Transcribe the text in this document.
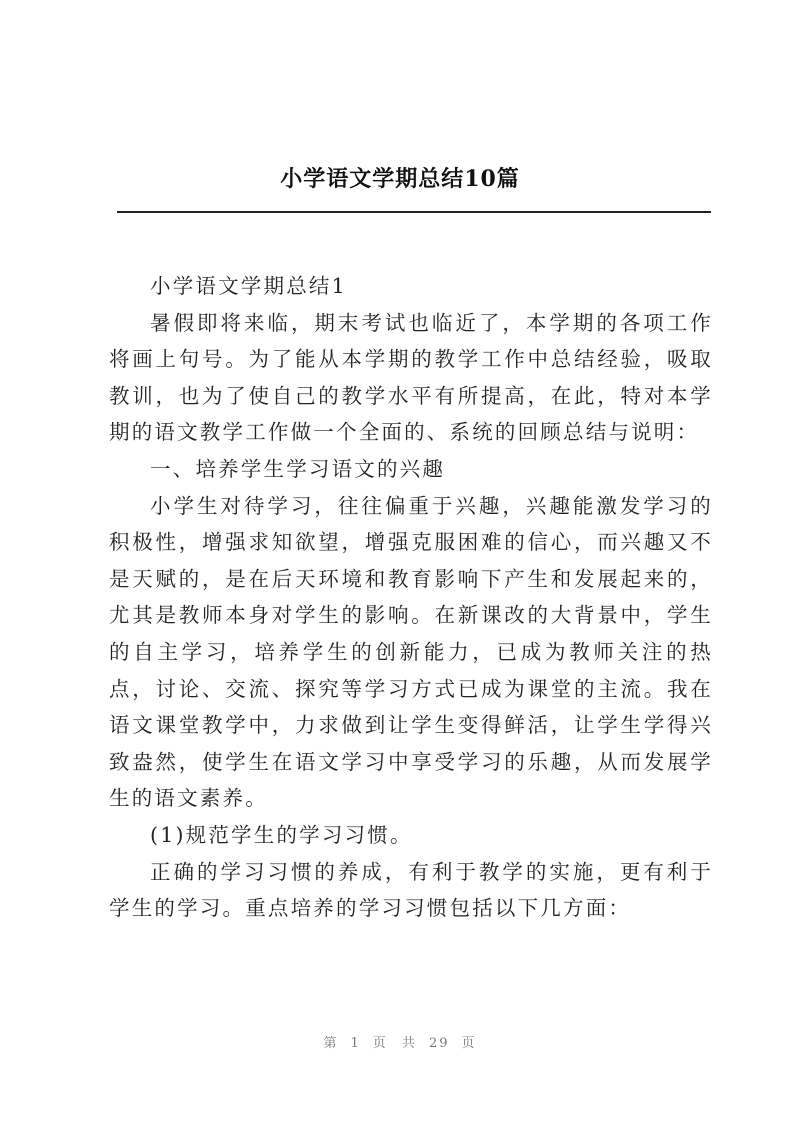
小学语文学期总结10篇

小学语文学期总结1

暑假即将来临，期末考试也临近了，本学期的各项工作将画上句号。为了能从本学期的教学工作中总结经验，吸取教训，也为了使自己的教学水平有所提高，在此，特对本学期的语文教学工作做一个全面的、系统的回顾总结与说明：

一、培养学生学习语文的兴趣

小学生对待学习，往往偏重于兴趣，兴趣能激发学习的积极性，增强求知欲望，增强克服困难的信心，而兴趣又不是天赋的，是在后天环境和教育影响下产生和发展起来的，尤其是教师本身对学生的影响。在新课改的大背景中，学生的自主学习，培养学生的创新能力，已成为教师关注的热点，讨论、交流、探究等学习方式已成为课堂的主流。我在语文课堂教学中，力求做到让学生变得鲜活，让学生学得兴致盎然，使学生在语文学习中享受学习的乐趣，从而发展学生的语文素养。

(1)规范学生的学习习惯。

正确的学习习惯的养成，有利于教学的实施，更有利于学生的学习。重点培养的学习习惯包括以下几方面：

第 1 页 共 29 页
